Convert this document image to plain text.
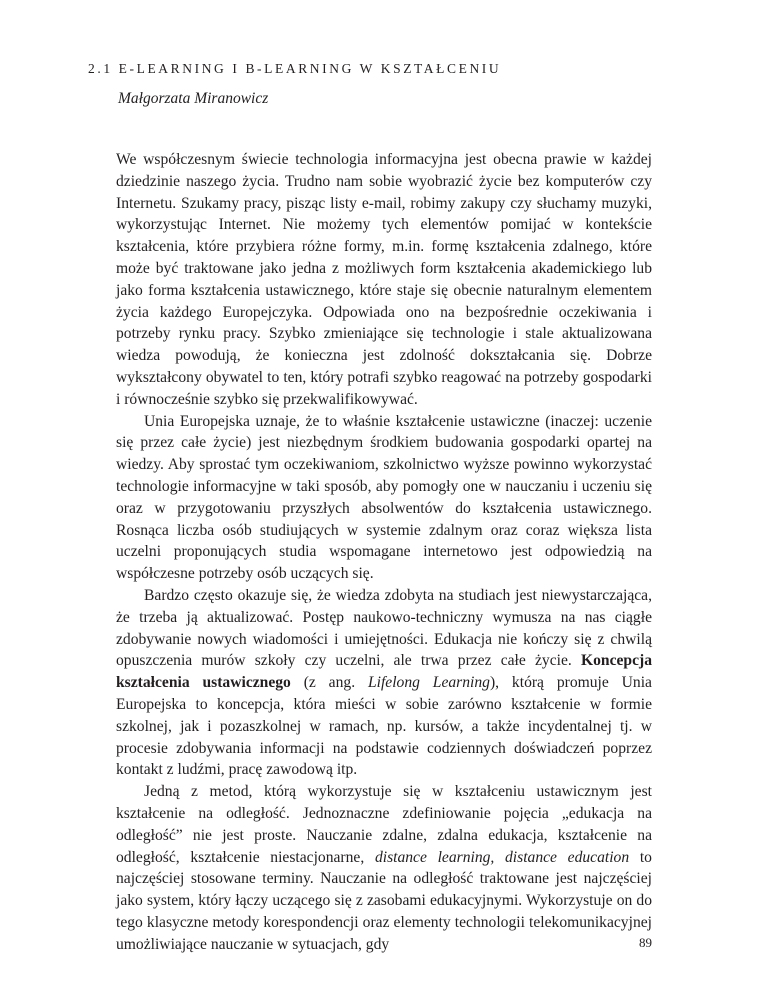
2.1 E-LEARNING I B-LEARNING W KSZTAŁCENIU

Małgorzata Miranowicz

We współczesnym świecie technologia informacyjna jest obecna prawie w każdej dziedzinie naszego życia. Trudno nam sobie wyobrazić życie bez komputerów czy Internetu. Szukamy pracy, pisząc listy e-mail, robimy zakupy czy słuchamy muzyki, wykorzystując Internet. Nie możemy tych elementów pomijać w kontekście kształcenia, które przybiera różne formy, m.in. formę kształcenia zdalnego, które może być traktowane jako jedna z możliwych form kształcenia akademickiego lub jako forma kształcenia ustawicznego, które staje się obecnie naturalnym elementem życia każdego Europejczyka. Odpowiada ono na bezpośrednie oczekiwania i potrzeby rynku pracy. Szybko zmieniające się technologie i stale aktualizowana wiedza powodują, że konieczna jest zdolność dokształcania się. Dobrze wykształcony obywatel to ten, który potrafi szybko reagować na potrzeby gospodarki i równocześnie szybko się przekwalifikowywać.

Unia Europejska uznaje, że to właśnie kształcenie ustawiczne (inaczej: uczenie się przez całe życie) jest niezbędnym środkiem budowania gospodarki opartej na wiedzy. Aby sprostać tym oczekiwaniom, szkolnictwo wyższe powinno wykorzystać technologie informacyjne w taki sposób, aby pomogły one w nauczaniu i uczeniu się oraz w przygotowaniu przyszłych absolwentów do kształcenia ustawicznego. Rosnąca liczba osób studiujących w systemie zdalnym oraz coraz większa lista uczelni proponujących studia wspomagane internetowo jest odpowiedzią na współczesne potrzeby osób uczących się.

Bardzo często okazuje się, że wiedza zdobyta na studiach jest niewystarczająca, że trzeba ją aktualizować. Postęp naukowo-techniczny wymusza na nas ciągłe zdobywanie nowych wiadomości i umiejętności. Edukacja nie kończy się z chwilą opuszczenia murów szkoły czy uczelni, ale trwa przez całe życie. Koncepcja kształcenia ustawicznego (z ang. Lifelong Learning), którą promuje Unia Europejska to koncepcja, która mieści w sobie zarówno kształcenie w formie szkolnej, jak i pozaszkolnej w ramach, np. kursów, a także incydentalnej tj. w procesie zdobywania informacji na podstawie codziennych doświadczeń poprzez kontakt z ludźmi, pracę zawodową itp.

Jedną z metod, którą wykorzystuje się w kształceniu ustawicznym jest kształcenie na odległość. Jednoznaczne zdefiniowanie pojęcia „edukacja na odległość” nie jest proste. Nauczanie zdalne, zdalna edukacja, kształcenie na odległość, kształcenie niestacjonarne, distance learning, distance education to najczęściej stosowane terminy. Nauczanie na odległość traktowane jest najczęściej jako system, który łączy uczącego się z zasobami edukacyjnymi. Wykorzystuje on do tego klasyczne metody korespondencji oraz elementy technologii telekomunikacyjnej umożliwiające nauczanie w sytuacjach, gdy	89
